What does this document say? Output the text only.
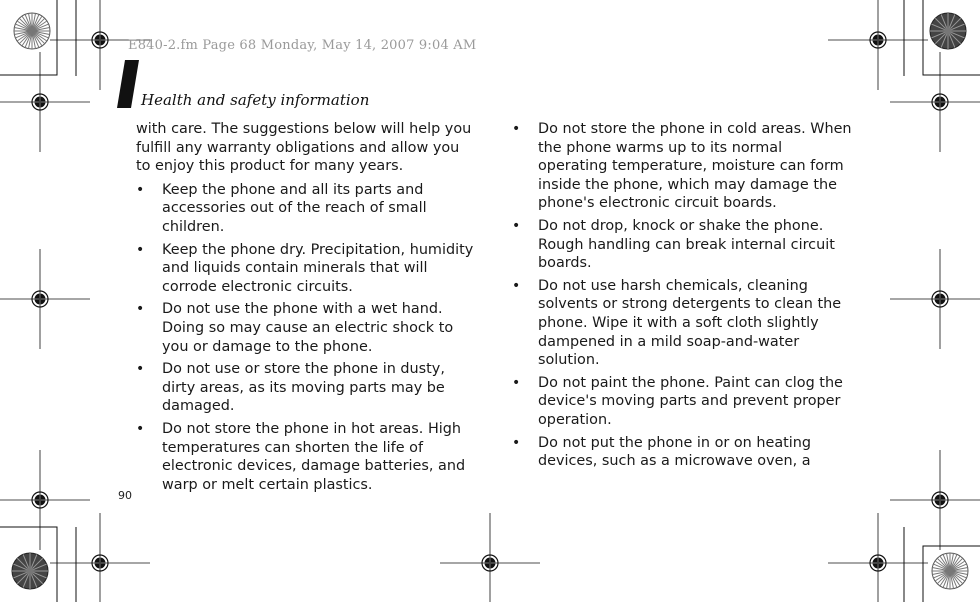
E840-2.fm Page 68 Monday, May 14, 2007 9:04 AM
Health and safety information

with care. The suggestions below will help you fulfill any warranty obligations and allow you to enjoy this product for many years.

• Keep the phone and all its parts and accessories out of the reach of small children.
• Keep the phone dry. Precipitation, humidity and liquids contain minerals that will corrode electronic circuits.
• Do not use the phone with a wet hand. Doing so may cause an electric shock to you or damage to the phone.
• Do not use or store the phone in dusty, dirty areas, as its moving parts may be damaged.
• Do not store the phone in hot areas. High temperatures can shorten the life of electronic devices, damage batteries, and warp or melt certain plastics.
• Do not store the phone in cold areas. When the phone warms up to its normal operating temperature, moisture can form inside the phone, which may damage the phone's electronic circuit boards.
• Do not drop, knock or shake the phone. Rough handling can break internal circuit boards.
• Do not use harsh chemicals, cleaning solvents or strong detergents to clean the phone. Wipe it with a soft cloth slightly dampened in a mild soap-and-water solution.
• Do not paint the phone. Paint can clog the device's moving parts and prevent proper operation.
• Do not put the phone in or on heating devices, such as a microwave oven, a
90
